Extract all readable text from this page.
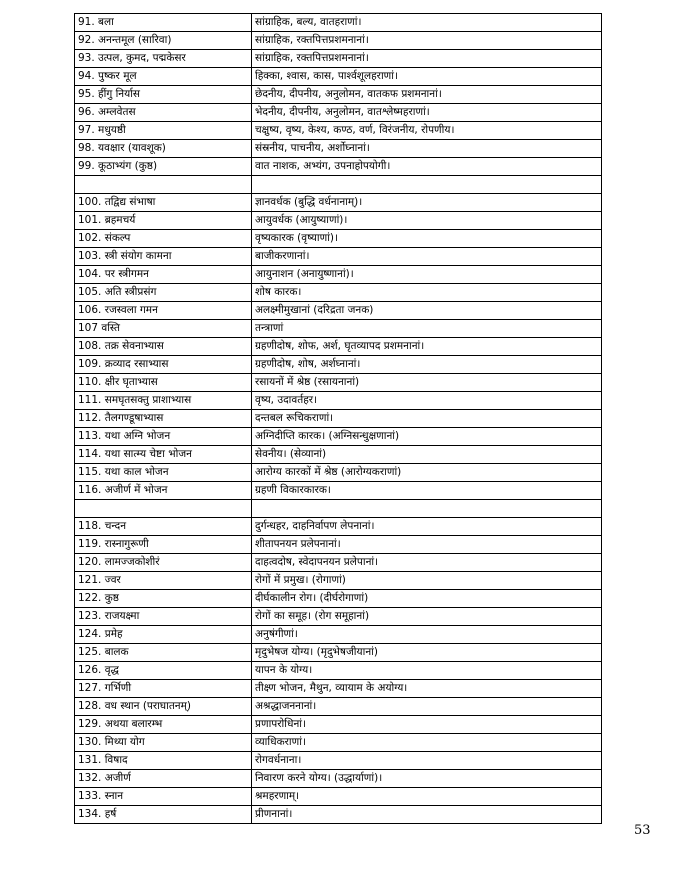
91. बला	सांग्राहिक, बल्य, वातहराणां।
92. अनन्तमूल (सारिवा)	सांग्राहिक, रक्तपित्तप्रशमनानां।
93. उत्पल, कुमद, पद्मकेसर	सांग्राहिक, रक्तपित्तप्रशमनानां।
94. पुष्कर मूल	हिक्का, श्वास, कास, पार्श्वशूलहराणां।
95. हींगु निर्यास	छेदनीय, दीपनीय, अनुलोमन, वातकफ प्रशमनानां।
96. अम्लवेतस	भेदनीय, दीपनीय, अनुलोमन, वातश्लेष्महराणां।
97. मधुयष्ठी	चक्षुष्य, वृष्य, केश्य, कण्ठ, वर्ण, विरंजनीय, रोपणीय।
98. यवक्षार (यावशूक)	संस्रनीय, पाचनीय, अर्शोघ्नानां।
99. कूठाभ्यंग (कुष्ठ)	वात नाशक, अभ्यंग, उपनाहोपयोगी।

100. तद्विद्य संभाषा	ज्ञानवर्धक (बुद्धि वर्धनानाम्)।
101. ब्रहमचर्य	आयुवर्धक (आयुष्याणां)।
102. संकल्प	वृष्यकारक (वृष्याणां)।
103. स्त्री संयोग कामना	बाजीकरणानां।
104. पर स्त्रीगमन	आयुनाशन (अनायुष्णानां)।
105. अति स्त्रीप्रसंग	शोष कारक।
106. रजस्वला गमन	अलक्ष्मीमुखानां (दरिद्रता जनक)
107 वस्ति	तन्त्राणां
108. तक्र सेवनाभ्यास	ग्रहणीदोष, शोफ, अर्श, घृतव्यापद प्रशमनानां।
109. क्रव्याद रसाभ्यास	ग्रहणीदोष, शोष, अर्शघ्नानां।
110. क्षीर घृताभ्यास	रसायनों में श्रेष्ठ (रसायनानां)
111. समघृतसक्तु प्राशाभ्यास	वृष्य, उदावर्तहर।
112. तैलगण्डूषाभ्यास	दन्तबल रूचिकराणां।
113. यथा अग्नि भोजन	अग्निदीप्ति कारक। (अग्निसन्धुक्षणानां)
114. यथा सात्म्य चेष्टा भोजन	सेवनीय। (सेव्यानां)
115. यथा काल भोजन	आरोग्य कारकों में श्रेष्ठ (आरोग्यकराणां)
116. अजीर्ण में भोजन	ग्रहणी विकारकारक।

118. चन्दन	दुर्गन्धहर, दाहनिर्वापण लेपनानां।
119. रास्नागुरूणी	शीतापनयन प्रलेपनानां।
120. लामज्जकोशीरं	दाहत्वदोष, स्वेदापनयन प्रलेपानां।
121. ज्वर	रोगों में प्रमुख। (रोगाणां)
122. कुष्ठ	दीर्घकालीन रोग। (दीर्घरोगाणां)
123. राजयक्ष्मा	रोगों का समूह। (रोग समूहानां)
124. प्रमेह	अनुषंगीणां।
125. बालक	मृदुभेषज योग्य। (मृदुभेषजीयानां)
126. वृद्ध	यापन के योग्य।
127. गर्भिणी	तीक्ष्ण भोजन, मैथुन, व्यायाम के अयोग्य।
128. वध स्थान (पराघातनम्)	अश्रद्धाजननानां।
129. अथया बलारम्भ	प्रणापरोधिनां।
130. मिथ्या योग	व्याधिकराणां।
131. विषाद	रोगवर्धनाना।
132. अजीर्ण	निवारण करने योग्य। (उद्धार्याणां)।
133. स्नान	श्रमहरणाम्।
134. हर्ष	प्रीणनानां।
53
